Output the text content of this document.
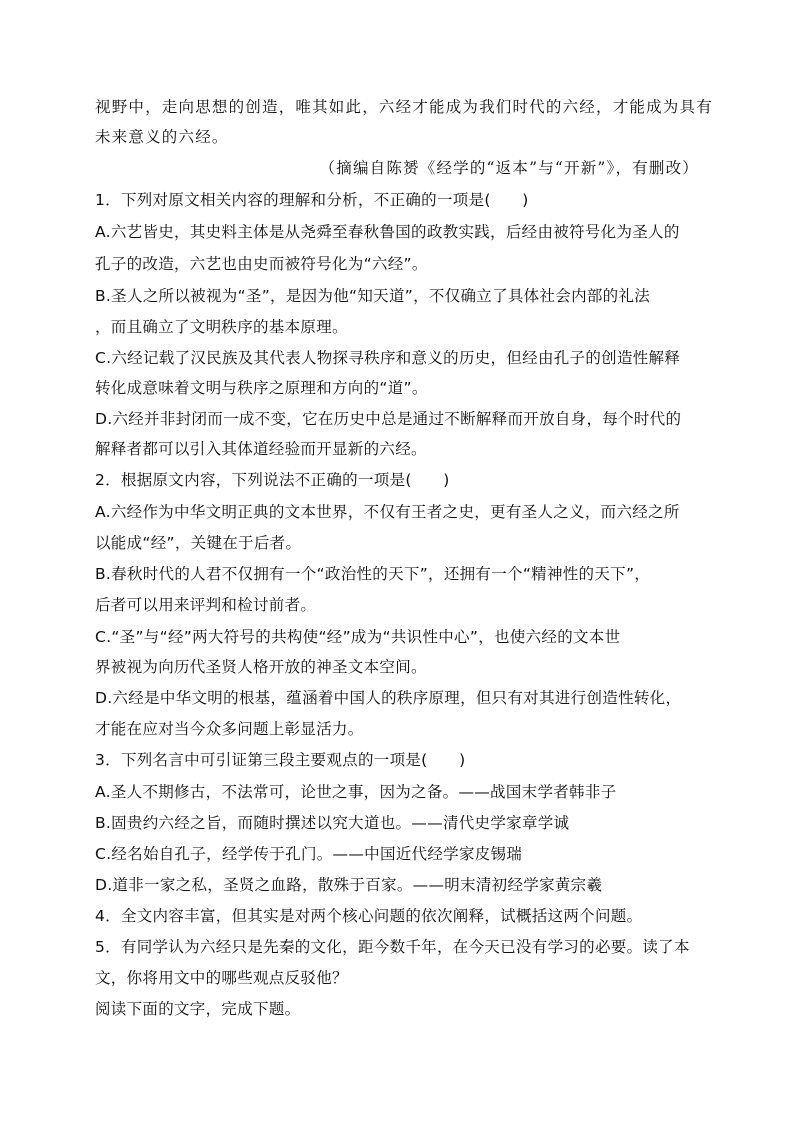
视野中，走向思想的创造，唯其如此，六经才能成为我们时代的六经，才能成为具有
未来意义的六经。
（摘编自陈赟《经学的“返本”与“开新”》，有删改）
1．下列对原文相关内容的理解和分析，不正确的一项是(　　)
A.六艺皆史，其史料主体是从尧舜至春秋鲁国的政教实践，后经由被符号化为圣人的
孔子的改造，六艺也由史而被符号化为“六经”。
B.圣人之所以被视为“圣”，是因为他“知天道”，不仅确立了具体社会内部的礼法
，而且确立了文明秩序的基本原理。
C.六经记载了汉民族及其代表人物探寻秩序和意义的历史，但经由孔子的创造性解释
转化成意味着文明与秩序之原理和方向的“道”。
D.六经并非封闭而一成不变，它在历史中总是通过不断解释而开放自身，每个时代的
解释者都可以引入其体道经验而开显新的六经。
2．根据原文内容，下列说法不正确的一项是(　　)
A.六经作为中华文明正典的文本世界，不仅有王者之史，更有圣人之义，而六经之所
以能成“经”，关键在于后者。
B.春秋时代的人君不仅拥有一个“政治性的天下”，还拥有一个“精神性的天下”，
后者可以用来评判和检讨前者。
C.“圣”与“经”两大符号的共构使“经”成为“共识性中心”，也使六经的文本世
界被视为向历代圣贤人格开放的神圣文本空间。
D.六经是中华文明的根基，蕴涵着中国人的秩序原理，但只有对其进行创造性转化，
才能在应对当今众多问题上彰显活力。
3．下列名言中可引证第三段主要观点的一项是(　　)
A.圣人不期修古，不法常可，论世之事，因为之备。——战国末学者韩非子
B.固贵约六经之旨，而随时撰述以究大道也。——清代史学家章学诚
C.经名始自孔子，经学传于孔门。——中国近代经学家皮锡瑞
D.道非一家之私，圣贤之血路，散殊于百家。——明末清初经学家黄宗羲
4．全文内容丰富，但其实是对两个核心问题的依次阐释，试概括这两个问题。
5．有同学认为六经只是先秦的文化，距今数千年，在今天已没有学习的必要。读了本
文，你将用文中的哪些观点反驳他？
阅读下面的文字，完成下题。
